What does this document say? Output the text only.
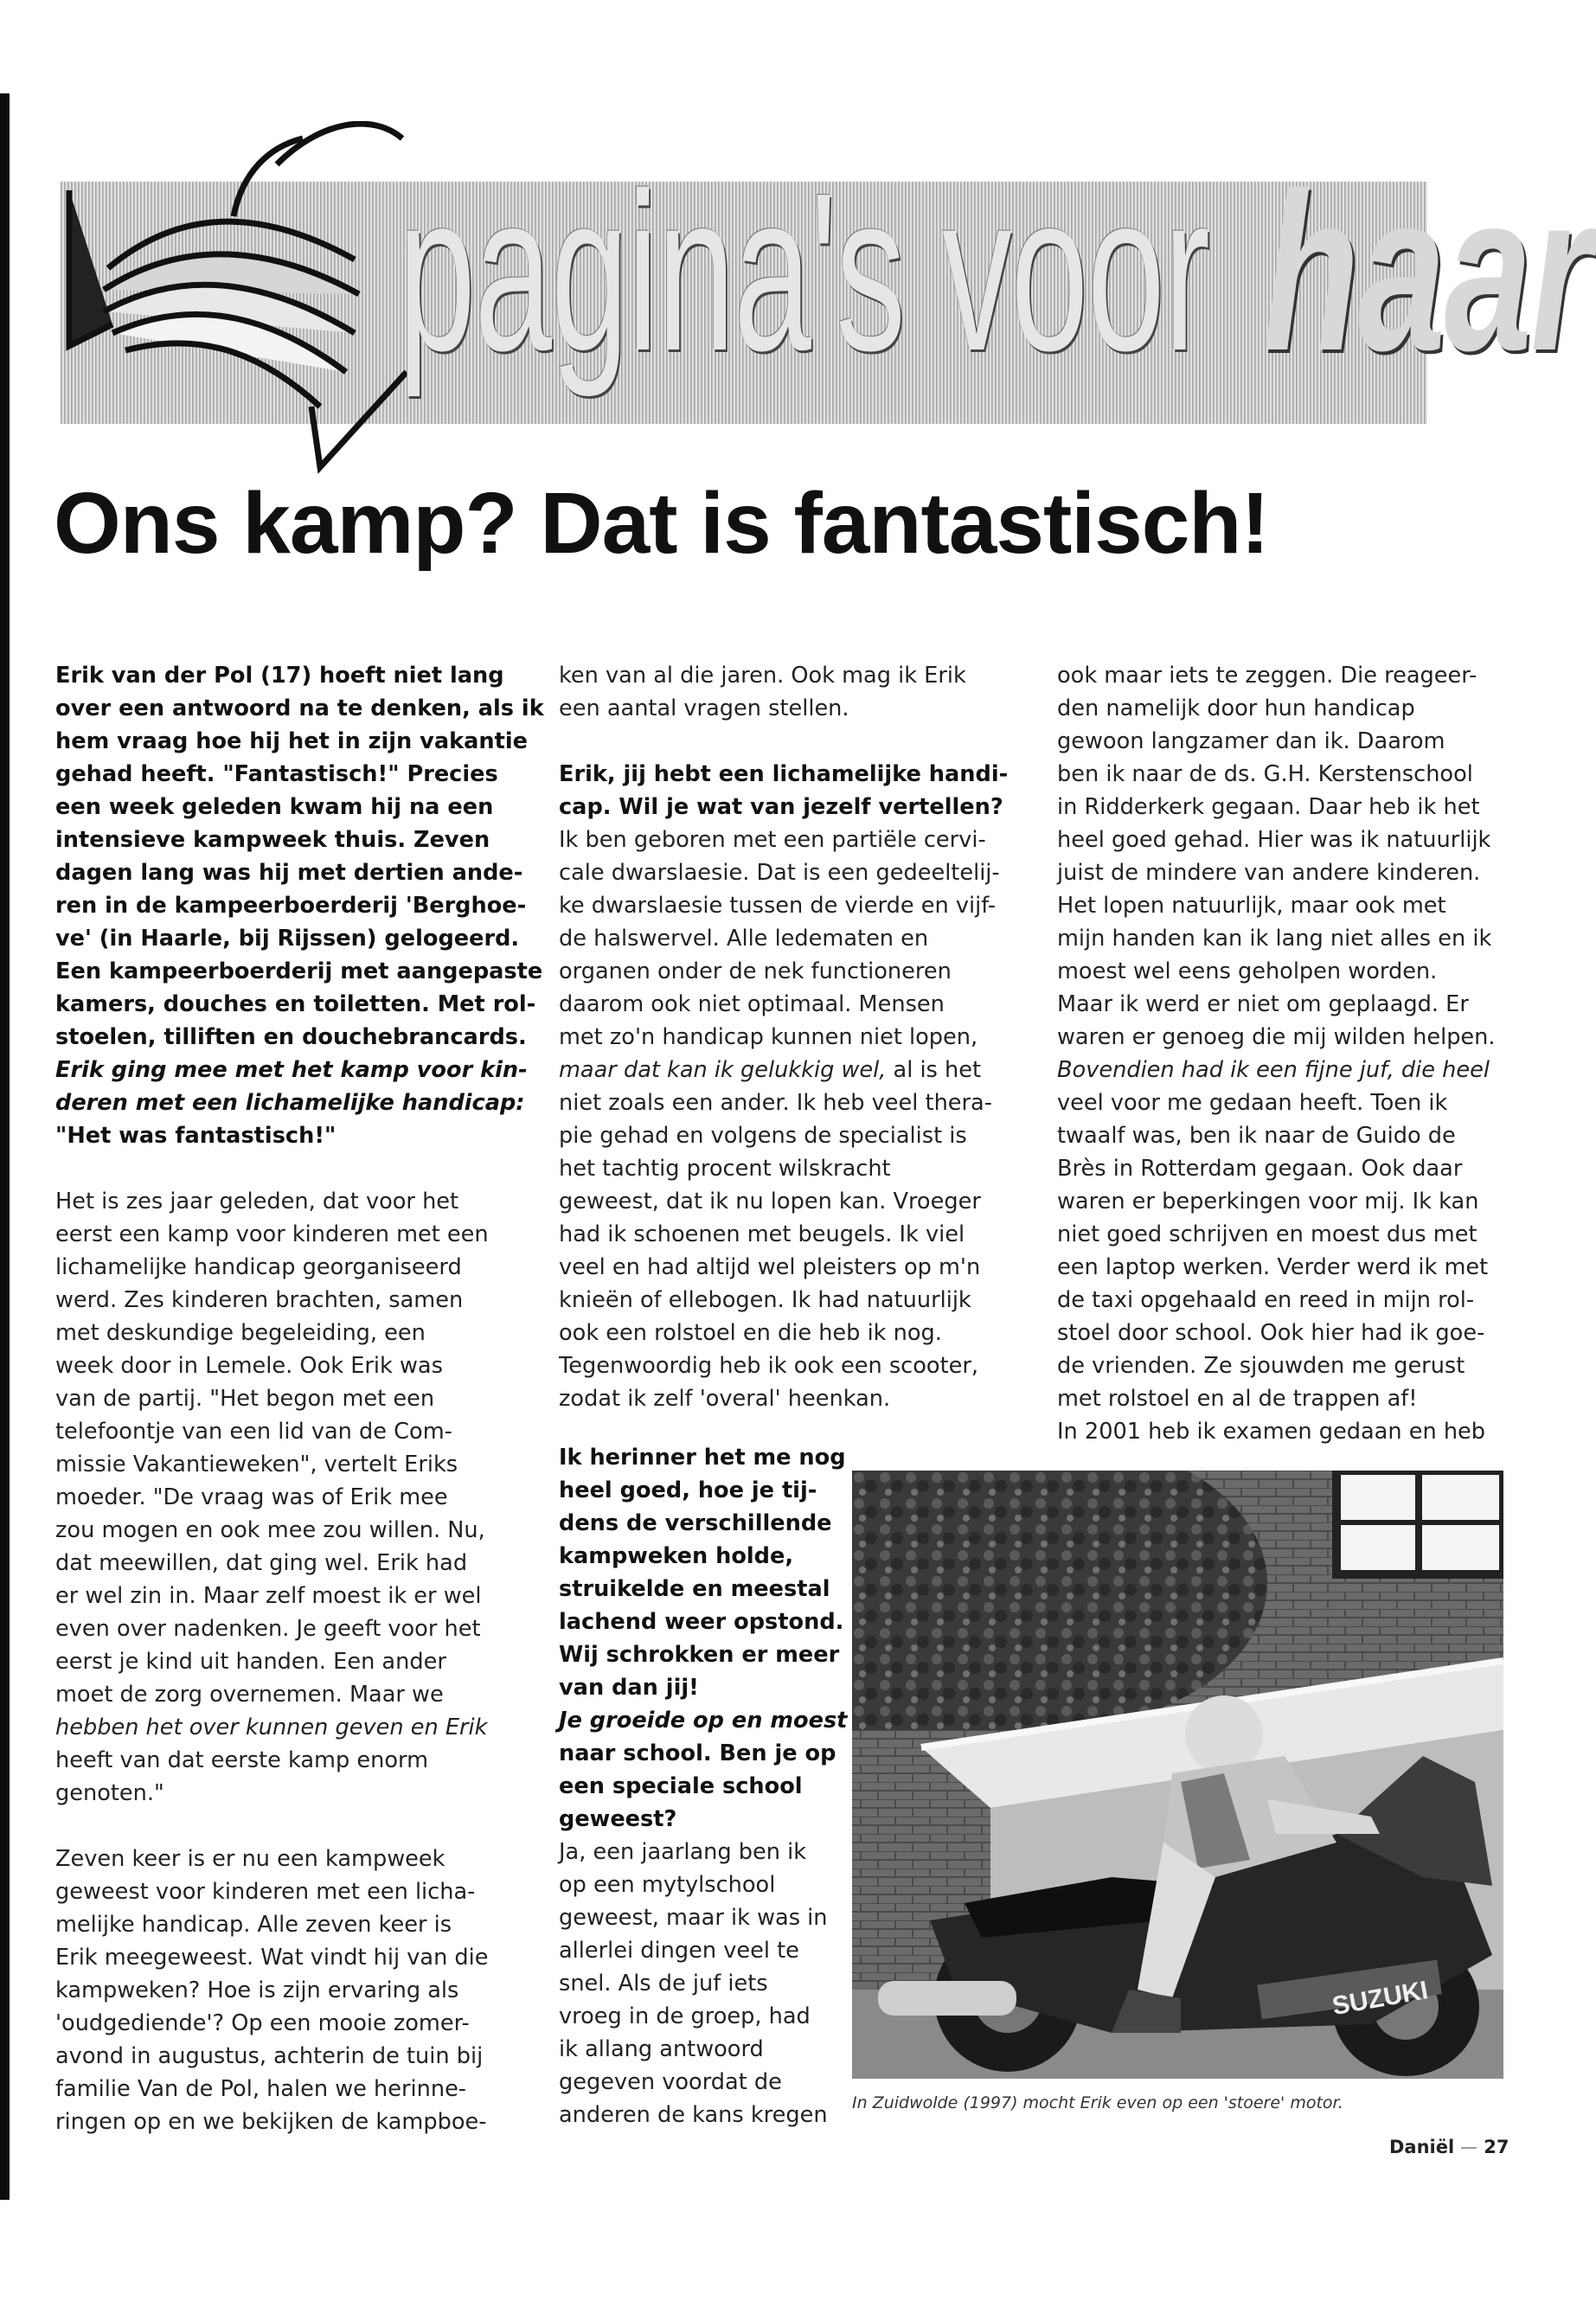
pagina's voor haar
Ons kamp? Dat is fantastisch!

Erik van der Pol (17) hoeft niet lang
over een antwoord na te denken, als ik
hem vraag hoe hij het in zijn vakantie
gehad heeft. "Fantastisch!" Precies
een week geleden kwam hij na een
intensieve kampweek thuis. Zeven
dagen lang was hij met dertien ande-
ren in de kampeerboerderij 'Berghoe-
ve' (in Haarle, bij Rijssen) gelogeerd.
Een kampeerboerderij met aangepaste
kamers, douches en toiletten. Met rol-
stoelen, tilliften en douchebrancards.
Erik ging mee met het kamp voor kin-
deren met een lichamelijke handicap:
"Het was fantastisch!"

Het is zes jaar geleden, dat voor het
eerst een kamp voor kinderen met een
lichamelijke handicap georganiseerd
werd. Zes kinderen brachten, samen
met deskundige begeleiding, een
week door in Lemele. Ook Erik was
van de partij. "Het begon met een
telefoontje van een lid van de Com-
missie Vakantieweken", vertelt Eriks
moeder. "De vraag was of Erik mee
zou mogen en ook mee zou willen. Nu,
dat meewillen, dat ging wel. Erik had
er wel zin in. Maar zelf moest ik er wel
even over nadenken. Je geeft voor het
eerst je kind uit handen. Een ander
moet de zorg overnemen. Maar we
hebben het over kunnen geven en Erik
heeft van dat eerste kamp enorm
genoten."

Zeven keer is er nu een kampweek
geweest voor kinderen met een licha-
melijke handicap. Alle zeven keer is
Erik meegeweest. Wat vindt hij van die
kampweken? Hoe is zijn ervaring als
'oudgediende'? Op een mooie zomer-
avond in augustus, achterin de tuin bij
familie Van de Pol, halen we herinne-
ringen op en we bekijken de kampboe-

ken van al die jaren. Ook mag ik Erik
een aantal vragen stellen.

Erik, jij hebt een lichamelijke handi-
cap. Wil je wat van jezelf vertellen?
Ik ben geboren met een partiële cervi-
cale dwarslaesie. Dat is een gedeeltelij-
ke dwarslaesie tussen de vierde en vijf-
de halswervel. Alle ledematen en
organen onder de nek functioneren
daarom ook niet optimaal. Mensen
met zo'n handicap kunnen niet lopen,
maar dat kan ik gelukkig wel, al is het
niet zoals een ander. Ik heb veel thera-
pie gehad en volgens de specialist is
het tachtig procent wilskracht
geweest, dat ik nu lopen kan. Vroeger
had ik schoenen met beugels. Ik viel
veel en had altijd wel pleisters op m'n
knieën of ellebogen. Ik had natuurlijk
ook een rolstoel en die heb ik nog.
Tegenwoordig heb ik ook een scooter,
zodat ik zelf 'overal' heenkan.

Ik herinner het me nog
heel goed, hoe je tij-
dens de verschillende
kampweken holde,
struikelde en meestal
lachend weer opstond.
Wij schrokken er meer
van dan jij!
Je groeide op en moest
naar school. Ben je op
een speciale school
geweest?
Ja, een jaarlang ben ik
op een mytylschool
geweest, maar ik was in
allerlei dingen veel te
snel. Als de juf iets
vroeg in de groep, had
ik allang antwoord
gegeven voordat de
anderen de kans kregen

ook maar iets te zeggen. Die reageer-
den namelijk door hun handicap
gewoon langzamer dan ik. Daarom
ben ik naar de ds. G.H. Kerstenschool
in Ridderkerk gegaan. Daar heb ik het
heel goed gehad. Hier was ik natuurlijk
juist de mindere van andere kinderen.
Het lopen natuurlijk, maar ook met
mijn handen kan ik lang niet alles en ik
moest wel eens geholpen worden.
Maar ik werd er niet om geplaagd. Er
waren er genoeg die mij wilden helpen.
Bovendien had ik een fijne juf, die heel
veel voor me gedaan heeft. Toen ik
twaalf was, ben ik naar de Guido de
Brès in Rotterdam gegaan. Ook daar
waren er beperkingen voor mij. Ik kan
niet goed schrijven en moest dus met
een laptop werken. Verder werd ik met
de taxi opgehaald en reed in mijn rol-
stoel door school. Ook hier had ik goe-
de vrienden. Ze sjouwden me gerust
met rolstoel en al de trappen af!
In 2001 heb ik examen gedaan en heb

SUZUKI
In Zuidwolde (1997) mocht Erik even op een 'stoere' motor.
Daniël 27
